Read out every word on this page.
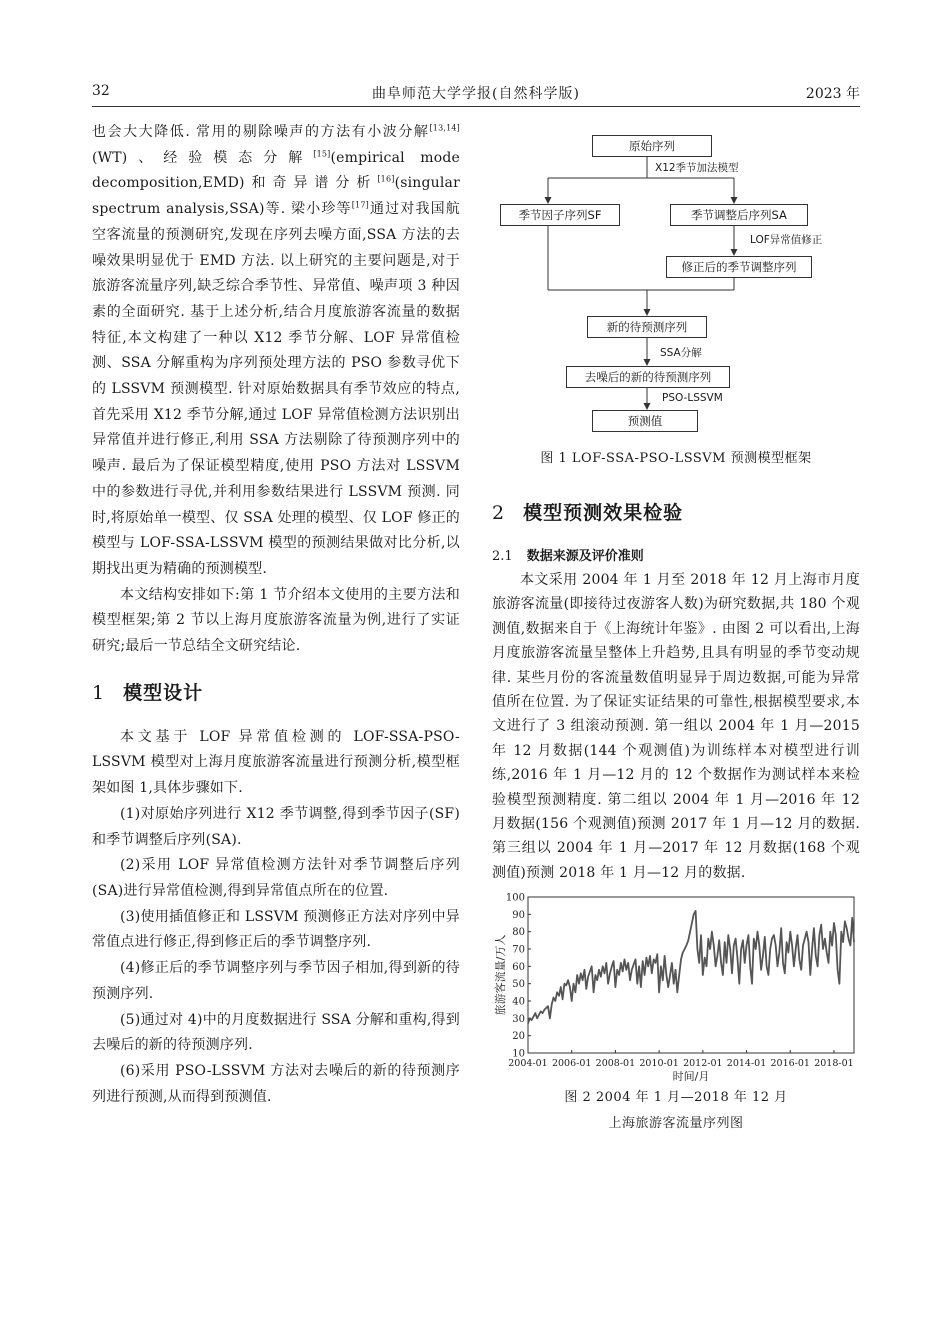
32	曲阜师范大学学报(自然科学版)	2023 年

也会大大降低. 常用的剔除噪声的方法有小波分解[13,14](WT)、经验模态分解[15](empirical mode decomposition,EMD)和奇异谱分析[16](singular spectrum analysis,SSA)等. 梁小珍等[17]通过对我国航空客流量的预测研究,发现在序列去噪方面,SSA 方法的去噪效果明显优于 EMD 方法. 以上研究的主要问题是,对于旅游客流量序列,缺乏综合季节性、异常值、噪声项 3 种因素的全面研究. 基于上述分析,结合月度旅游客流量的数据特征,本文构建了一种以 X12 季节分解、LOF 异常值检测、SSA 分解重构为序列预处理方法的 PSO 参数寻优下的 LSSVM 预测模型. 针对原始数据具有季节效应的特点,首先采用 X12 季节分解,通过 LOF 异常值检测方法识别出异常值并进行修正,利用 SSA 方法剔除了待预测序列中的噪声. 最后为了保证模型精度,使用 PSO 方法对 LSSVM 中的参数进行寻优,并利用参数结果进行 LSSVM 预测. 同时,将原始单一模型、仅 SSA 处理的模型、仅 LOF 修正的模型与 LOF-SSA-LSSVM 模型的预测结果做对比分析,以期找出更为精确的预测模型.

本文结构安排如下:第 1 节介绍本文使用的主要方法和模型框架;第 2 节以上海月度旅游客流量为例,进行了实证研究;最后一节总结全文研究结论.

1 模型设计

本文基于 LOF 异常值检测的 LOF-SSA-PSO-LSSVM 模型对上海月度旅游客流量进行预测分析,模型框架如图 1,具体步骤如下.

(1)对原始序列进行 X12 季节调整,得到季节因子(SF)和季节调整后序列(SA).

(2)采用 LOF 异常值检测方法针对季节调整后序列(SA)进行异常值检测,得到异常值点所在的位置.

(3)使用插值修正和 LSSVM 预测修正方法对序列中异常值点进行修正,得到修正后的季节调整序列.

(4)修正后的季节调整序列与季节因子相加,得到新的待预测序列.

(5)通过对 4)中的月度数据进行 SSA 分解和重构,得到去噪后的新的待预测序列.

(6)采用 PSO-LSSVM 方法对去噪后的新的待预测序列进行预测,从而得到预测值.

原始序列
X12季节加法模型
季节因子序列SF	季节调整后序列SA
LOF异常值修正
修正后的季节调整序列
新的待预测序列
SSA分解
去噪后的新的待预测序列
PSO-LSSVM
预测值
图 1 LOF-SSA-PSO-LSSVM 预测模型框架
2 模型预测效果检验
2.1 数据来源及评价准则

本文采用 2004 年 1 月至 2018 年 12 月上海市月度旅游客流量(即接待过夜游客人数)为研究数据,共 180 个观测值,数据来自于《上海统计年鉴》. 由图 2 可以看出,上海月度旅游客流量呈整体上升趋势,且具有明显的季节变动规律. 某些月份的客流量数值明显异于周边数据,可能为异常值所在位置. 为了保证实证结果的可靠性,根据模型要求,本文进行了 3 组滚动预测. 第一组以 2004 年 1 月—2015 年 12 月数据(144 个观测值)为训练样本对模型进行训练,2016 年 1 月—12 月的 12 个数据作为测试样本来检验模型预测精度. 第二组以 2004 年 1 月—2016 年 12 月数据(156 个观测值)预测 2017 年 1 月—12 月的数据. 第三组以 2004 年 1 月—2017 年 12 月数据(168 个观测值)预测 2018 年 1 月—12 月的数据.

10
20
30
40
50
60
70
80
90
100
2004-01 2006-01 2008-01 2010-01 2012-01 2014-01 2016-01 2018-01
时间/月
旅游客流量/万人
图 2 2004 年 1 月—2018 年 12 月
上海旅游客流量序列图
